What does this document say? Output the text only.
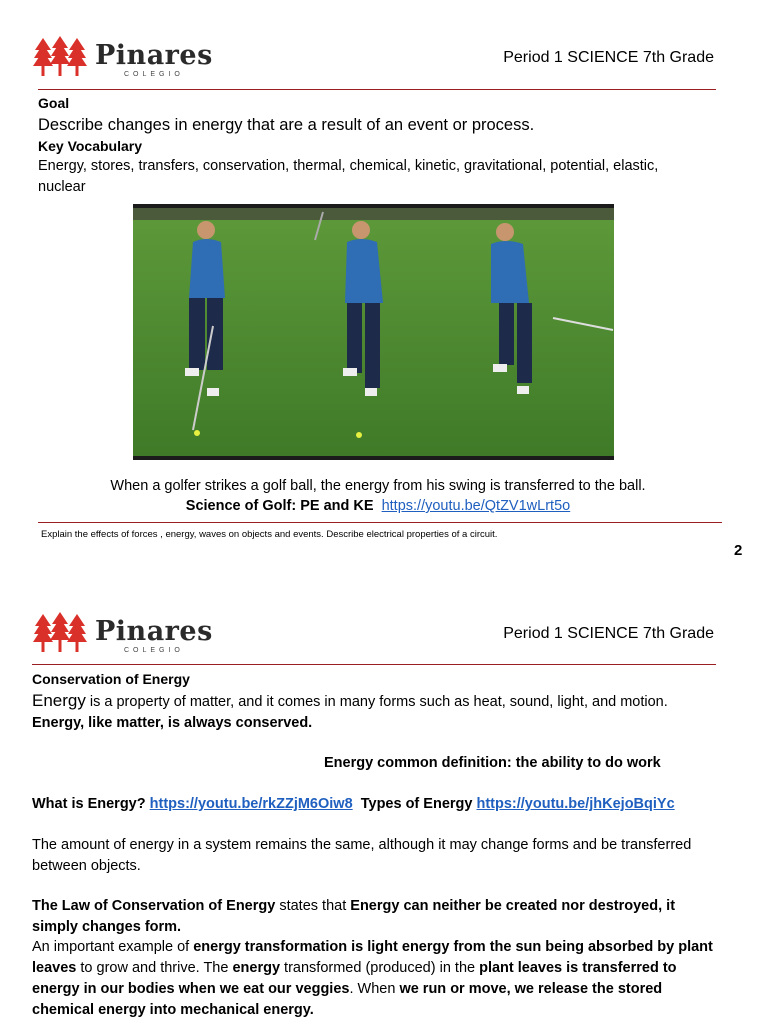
Pinares
COLEGIO
Period 1 SCIENCE 7th Grade
Goal
Describe changes in energy that are a result of an event or process.
Key Vocabulary
Energy, stores, transfers, conservation, thermal, chemical, kinetic, gravitational, potential, elastic, nuclear
When a golfer strikes a golf ball, the energy from his swing is transferred to the ball.
Science of Golf: PE and KE https://youtu.be/QtZV1wLrt5o
Explain the effects of forces , energy, waves on objects and events. Describe electrical properties of a circuit.
2
Pinares
COLEGIO
Period 1 SCIENCE 7th Grade
Conservation of Energy
Energy is a property of matter, and it comes in many forms such as heat, sound, light, and motion. Energy, like matter, is always conserved.
Energy common definition: the ability to do work
What is Energy? https://youtu.be/rkZZjM6Oiw8 Types of Energy https://youtu.be/jhKejoBqiYc
The amount of energy in a system remains the same, although it may change forms and be transferred between objects.
The Law of Conservation of Energy states that Energy can neither be created nor destroyed, it simply changes form.
An important example of energy transformation is light energy from the sun being absorbed by plant leaves to grow and thrive. The energy transformed (produced) in the plant leaves is transferred to energy in our bodies when we eat our veggies. When we run or move, we release the stored chemical energy into mechanical energy.
